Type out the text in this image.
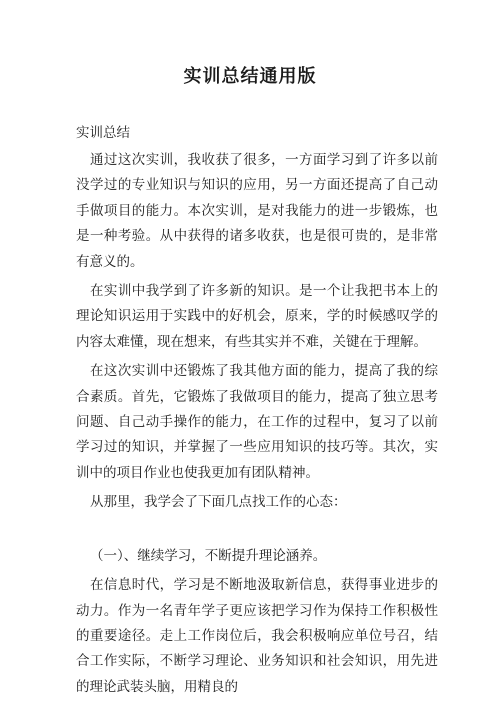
实训总结通用版

实训总结

通过这次实训，我收获了很多，一方面学习到了许多以前没学过的专业知识与知识的应用，另一方面还提高了自己动手做项目的能力。本次实训，是对我能力的进一步锻炼，也是一种考验。从中获得的诸多收获，也是很可贵的，是非常有意义的。

在实训中我学到了许多新的知识。是一个让我把书本上的理论知识运用于实践中的好机会，原来，学的时候感叹学的内容太难懂，现在想来，有些其实并不难，关键在于理解。

在这次实训中还锻炼了我其他方面的能力，提高了我的综合素质。首先，它锻炼了我做项目的能力，提高了独立思考问题、自己动手操作的能力，在工作的过程中，复习了以前学习过的知识，并掌握了一些应用知识的技巧等。其次，实训中的项目作业也使我更加有团队精神。

从那里，我学会了下面几点找工作的心态：

（一）、继续学习，不断提升理论涵养。

在信息时代，学习是不断地汲取新信息，获得事业进步的动力。作为一名青年学子更应该把学习作为保持工作积极性的重要途径。走上工作岗位后，我会积极响应单位号召，结合工作实际，不断学习理论、业务知识和社会知识，用先进的理论武装头脑，用精良的
